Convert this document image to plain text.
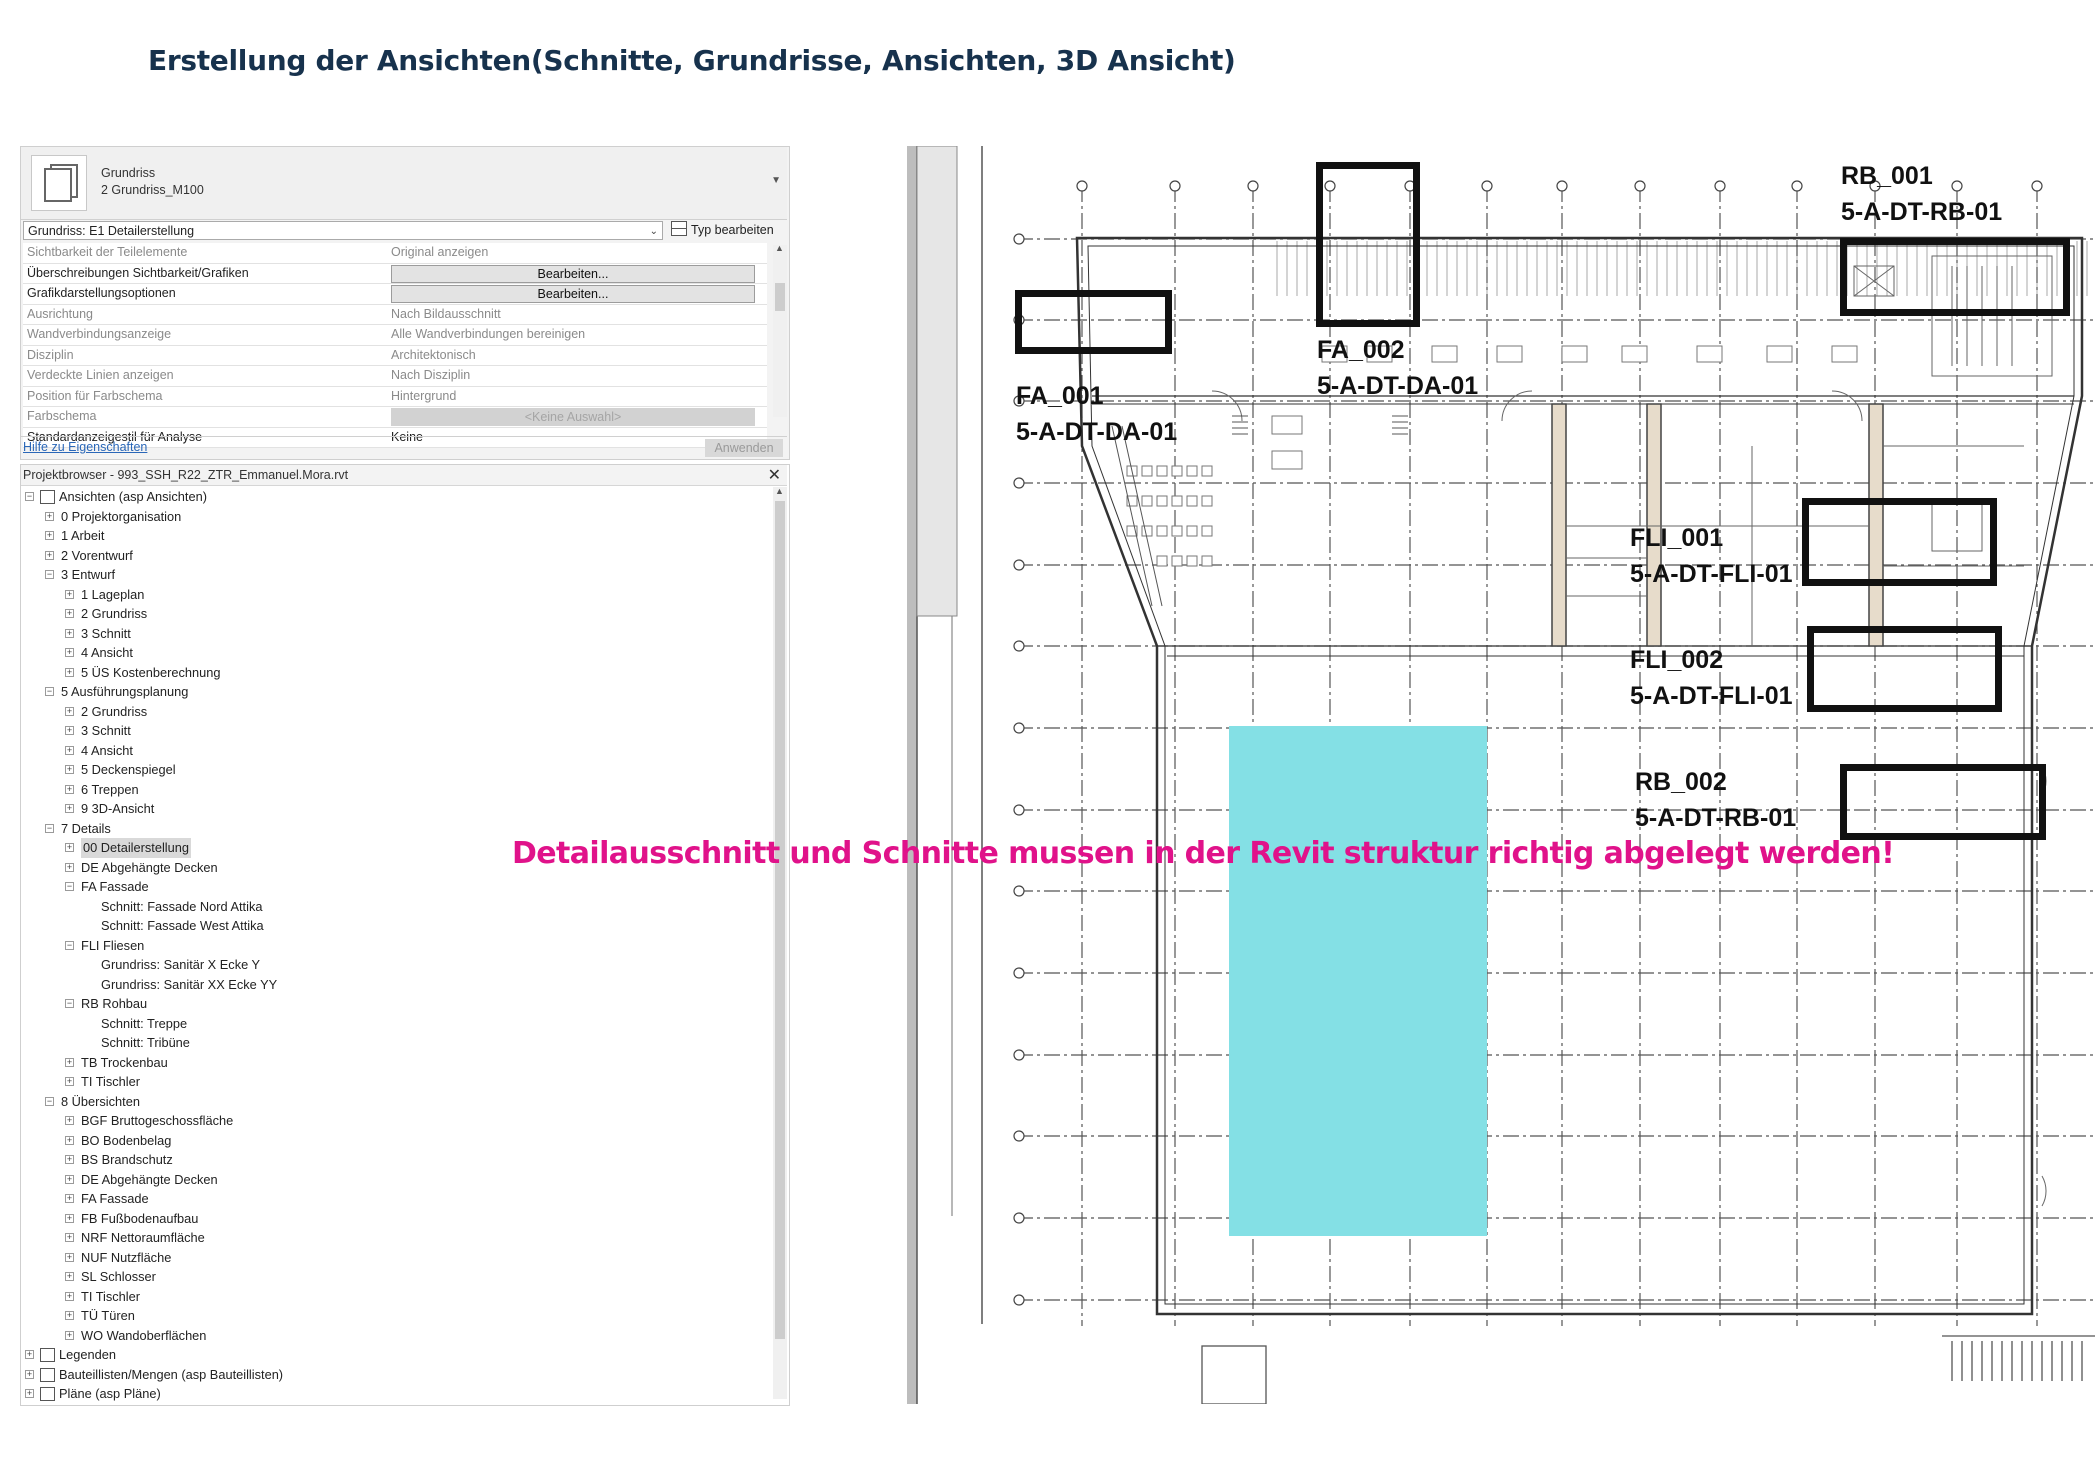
Erstellung der Ansichten(Schnitte, Grundrisse, Ansichten, 3D Ansicht)
Grundriss
2 Grundriss_M100
▼
Grundriss: E1 Detailerstellung	⌄	Typ bearbeiten
Sichtbarkeit der Teilelemente	Original anzeigen
Überschreibungen Sichtbarkeit/Grafiken	Bearbeiten...
Grafikdarstellungsoptionen	Bearbeiten...
Ausrichtung	Nach Bildausschnitt
Wandverbindungsanzeige	Alle Wandverbindungen bereinigen
Disziplin	Architektonisch
Verdeckte Linien anzeigen	Nach Disziplin
Position für Farbschema	Hintergrund
Farbschema	<Keine Auswahl>
Standardanzeigestil für Analyse	Keine
▲
Hilfe zu Eigenschaften	Anwenden
Projektbrowser - 993_SSH_R22_ZTR_Emmanuel.Mora.rvt	✕
− Ansichten (asp Ansichten)
+ 0 Projektorganisation
+ 1 Arbeit
+ 2 Vorentwurf
− 3 Entwurf
+ 1 Lageplan
+ 2 Grundriss
+ 3 Schnitt
+ 4 Ansicht
+ 5 ÜS Kostenberechnung
− 5 Ausführungsplanung
+ 2 Grundriss
+ 3 Schnitt
+ 4 Ansicht
+ 5 Deckenspiegel
+ 6 Treppen
+ 9 3D-Ansicht
− 7 Details
+ 00 Detailerstellung
+ DE Abgehängte Decken
− FA Fassade
Schnitt: Fassade Nord Attika
Schnitt: Fassade West Attika
− FLI Fliesen
Grundriss: Sanitär X Ecke Y
Grundriss: Sanitär XX Ecke YY
− RB Rohbau
Schnitt: Treppe
Schnitt: Tribüne
+ TB Trockenbau
+ TI Tischler
− 8 Übersichten
+ BGF Bruttogeschossfläche
+ BO Bodenbelag
+ BS Brandschutz
+ DE Abgehängte Decken
+ FA Fassade
+ FB Fußbodenaufbau
+ NRF Nettoraumfläche
+ NUF Nutzfläche
+ SL Schlosser
+ TI Tischler
+ TÜ Türen
+ WO Wandoberflächen
+ Legenden
+ Bauteillisten/Mengen (asp Bauteillisten)
+ Pläne (asp Pläne)
▲
FA_001
5-A-DT-DA-01
FA_002
5-A-DT-DA-01
RB_001
5-A-DT-RB-01
FLI_001
5-A-DT-FLI-01
FLI_002
5-A-DT-FLI-01
RB_002
5-A-DT-RB-01
Detailausschnitt und Schnitte mussen in der Revit struktur richtig abgelegt werden!
